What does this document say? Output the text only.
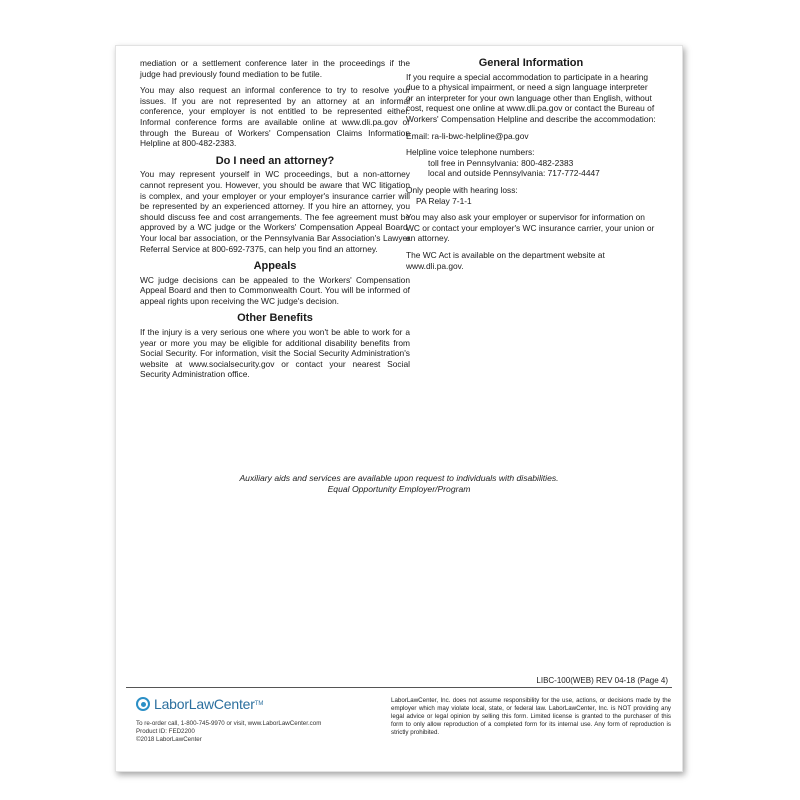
mediation or a settlement conference later in the proceedings if the judge had previously found mediation to be futile.

You may also request an informal conference to try to resolve your issues. If you are not represented by an attorney at an informal conference, your employer is not entitled to be represented either. Informal conference forms are available online at www.dli.pa.gov or through the Bureau of Workers' Compensation Claims Information Helpline at 800-482-2383.

Do I need an attorney?

You may represent yourself in WC proceedings, but a non-attorney cannot represent you. However, you should be aware that WC litigation is complex, and your employer or your employer's insurance carrier will be represented by an experienced attorney. If you hire an attorney, you should discuss fee and cost arrangements. The fee agreement must be approved by a WC judge or the Workers' Compensation Appeal Board. Your local bar association, or the Pennsylvania Bar Association's Lawyer Referral Service at 800-692-7375, can help you find an attorney.

Appeals

WC judge decisions can be appealed to the Workers' Compensation Appeal Board and then to Commonwealth Court. You will be informed of appeal rights upon receiving the WC judge's decision.

Other Benefits

If the injury is a very serious one where you won't be able to work for a year or more you may be eligible for additional disability benefits from Social Security. For information, visit the Social Security Administration's website at www.socialsecurity.gov or contact your nearest Social Security Administration office.

General Information

If you require a special accommodation to participate in a hearing due to a physical impairment, or need a sign language interpreter or an interpreter for your own language other than English, without cost, request one online at www.dli.pa.gov or contact the Bureau of Workers' Compensation Helpline and describe the accommodation:

Email: ra-li-bwc-helpline@pa.gov

Helpline voice telephone numbers:

toll free in Pennsylvania: 800-482-2383

local and outside Pennsylvania: 717-772-4447

Only people with hearing loss:

PA Relay 7-1-1

You may also ask your employer or supervisor for information on WC or contact your employer's WC insurance carrier, your union or an attorney.

The WC Act is available on the department website at www.dli.pa.gov.

Auxiliary aids and services are available upon request to individuals with disabilities.
Equal Opportunity Employer/Program
LIBC-100(WEB) REV 04-18 (Page 4)
LaborLawCenter TM
To re-order call, 1-800-745-9970 or visit, www.LaborLawCenter.com
Product ID: FED2200
©2018 LaborLawCenter
LaborLawCenter, Inc. does not assume responsibility for the use, actions, or decisions made by the employer which may violate local, state, or federal law. LaborLawCenter, Inc. is NOT providing any legal advice or legal opinion by selling this form. Limited license is granted to the purchaser of this form to only allow reproduction of a completed form for its internal use. Any form of reproduction is strictly prohibited.
